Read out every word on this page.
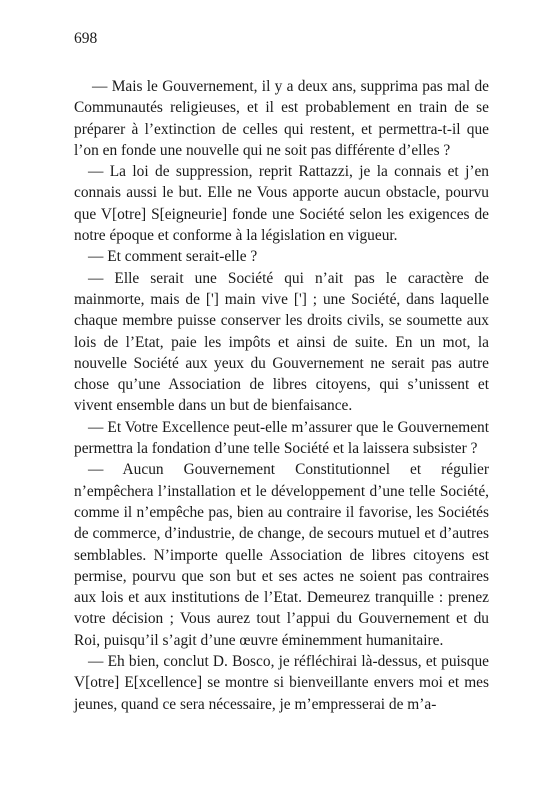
698

— Mais le Gouvernement, il y a deux ans, supprima pas mal de Communautés religieuses, et il est probablement en train de se préparer à l’extinction de celles qui restent, et permettra-t-il que l’on en fonde une nouvelle qui ne soit pas différente d’elles ?

— La loi de suppression, reprit Rattazzi, je la connais et j’en connais aussi le but. Elle ne Vous apporte aucun obstacle, pourvu que V[otre] S[eigneurie] fonde une Société selon les exigences de notre époque et conforme à la législation en vigueur.

— Et comment serait-elle ?

— Elle serait une Société qui n’ait pas le caractère de mainmorte, mais de ['] main vive ['] ; une Société, dans laquelle chaque membre puisse conserver les droits civils, se soumette aux lois de l’Etat, paie les impôts et ainsi de suite. En un mot, la nouvelle Société aux yeux du Gouvernement ne serait pas autre chose qu’une Association de libres citoyens, qui s’unissent et vivent ensemble dans un but de bienfaisance.

— Et Votre Excellence peut-elle m’assurer que le Gouvernement permettra la fondation d’une telle Société et la laissera subsister ?

— Aucun Gouvernement Constitutionnel et régulier n’empêchera l’installation et le développement d’une telle Société, comme il n’empêche pas, bien au contraire il favorise, les Sociétés de commerce, d’industrie, de change, de secours mutuel et d’autres semblables. N’importe quelle Association de libres citoyens est permise, pourvu que son but et ses actes ne soient pas contraires aux lois et aux institutions de l’Etat. Demeurez tranquille : prenez votre décision ; Vous aurez tout l’appui du Gouvernement et du Roi, puisqu’il s’agit d’une œuvre éminemment humanitaire.

— Eh bien, conclut D. Bosco, je réfléchirai là-dessus, et puisque V[otre] E[xcellence] se montre si bienveillante envers moi et mes jeunes, quand ce sera nécessaire, je m’empresserai de m’a-
